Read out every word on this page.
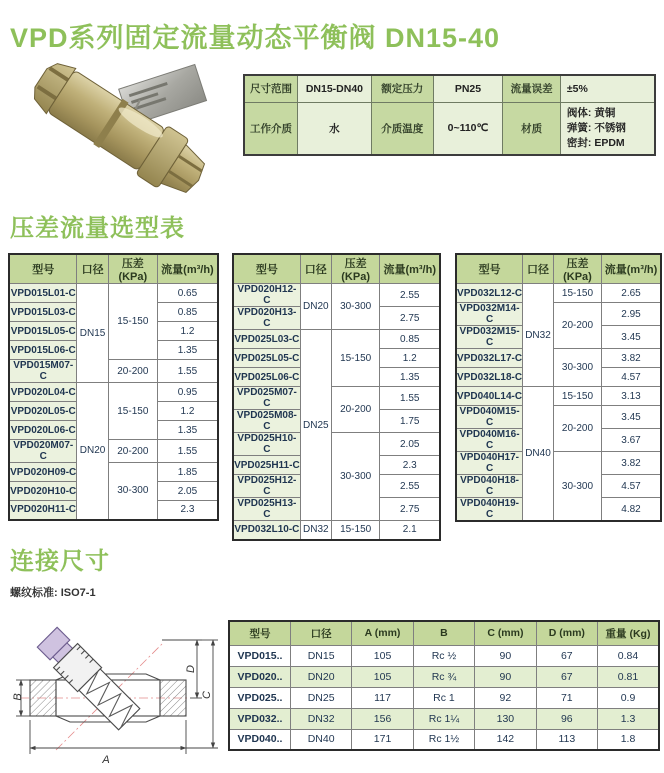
VPD系列固定流量动态平衡阀 DN15-40
尺寸范围	DN15-DN40	额定压力	PN25	流量误差	±5%
工作介质	水	介质温度	0~110℃	材质	阀体: 黄铜
弹簧: 不锈钢
密封: EPDM
压差流量选型表
型号	口径	压差(KPa)	流量(m³/h)
VPD015L01-C	DN15	15-150	0.65
VPD015L03-C			0.85
VPD015L05-C			1.2
VPD015L06-C			1.35
VPD015M07-C		20-200	1.55
VPD020L04-C	DN20	15-150	0.95
VPD020L05-C			1.2
VPD020L06-C			1.35
VPD020M07-C		20-200	1.55
VPD020H09-C		30-300	1.85
VPD020H10-C			2.05
VPD020H11-C			2.3
型号	口径	压差(KPa)	流量(m³/h)
VPD020H12-C	DN20	30-300	2.55
VPD020H13-C			2.75
VPD025L03-C	DN25	15-150	0.85
VPD025L05-C			1.2
VPD025L06-C			1.35
VPD025M07-C		20-200	1.55
VPD025M08-C			1.75
VPD025H10-C		30-300	2.05
VPD025H11-C			2.3
VPD025H12-C			2.55
VPD025H13-C			2.75
VPD032L10-C	DN32	15-150	2.1
型号	口径	压差(KPa)	流量(m³/h)
VPD032L12-C	DN32	15-150	2.65
VPD032M14-C		20-200	2.95
VPD032M15-C			3.45
VPD032L17-C		30-300	3.82
VPD032L18-C			4.57
VPD040L14-C	DN40	15-150	3.13
VPD040M15-C		20-200	3.45
VPD040M16-C			3.67
VPD040H17-C		30-300	3.82
VPD040H18-C			4.57
VPD040H19-C			4.82
连接尺寸
螺纹标准: ISO7-1
A
B
D
C
型号	口径	A (mm)	B	C (mm)	D (mm)	重量 (Kg)
VPD015..	DN15	105	Rc ½	90	67	0.84
VPD020..	DN20	105	Rc ¾	90	67	0.81
VPD025..	DN25	117	Rc 1	92	71	0.9
VPD032..	DN32	156	Rc 1¼	130	96	1.3
VPD040..	DN40	171	Rc 1½	142	113	1.8
